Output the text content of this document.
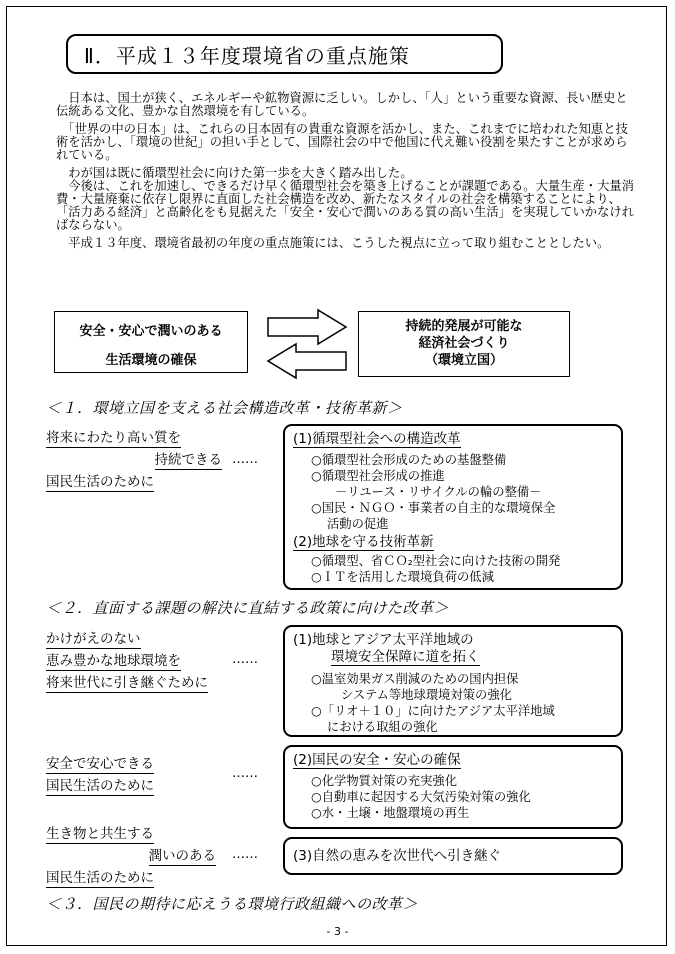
Ⅱ．平成１３年度環境省の重点施策

　日本は、国土が狭く、エネルギーや鉱物資源に乏しい。しかし、「人」という重要な資源、長い歴史と伝統ある文化、豊かな自然環境を有している。

　「世界の中の日本」は、これらの日本固有の貴重な資源を活かし、また、これまでに培われた知恵と技術を活かし、「環境の世紀」の担い手として、国際社会の中で他国に代え難い役割を果たすことが求められている。

　わが国は既に循環型社会に向けた第一歩を大きく踏み出した。

　今後は、これを加速し、できるだけ早く循環型社会を築き上げることが課題である。大量生産・大量消費・大量廃棄に依存し限界に直面した社会構造を改め、新たなスタイルの社会を構築することにより、「活力ある経済」と高齢化をも見据えた「安全・安心で潤いのある質の高い生活」を実現していかなければならない。

　平成１３年度、環境省最初の年度の重点施策には、こうした視点に立って取り組むこととしたい。

安全・安心で潤いのある
生活環境の確保
持続的発展が可能な
経済社会づくり
（環境立国）
＜１．環境立国を支える社会構造改革・技術革新＞
将来にわたり高い質を
持続できる
国民生活のために
……
(1)循環型社会への構造改革
○循環型社会形成のための基盤整備
○循環型社会形成の推進
－リユース・リサイクルの輪の整備－
○国民・ＮＧＯ・事業者の自主的な環境保全
活動の促進
(2)地球を守る技術革新
○循環型、省ＣＯ₂型社会に向けた技術の開発
○ＩＴを活用した環境負荷の低減
＜２．直面する課題の解決に直結する政策に向けた改革＞
かけがえのない
恵み豊かな地球環境を
将来世代に引き継ぐために
……
(1)地球とアジア太平洋地域の
環境安全保障に道を拓く
○温室効果ガス削減のための国内担保
システム等地球環境対策の強化
○「リオ＋１０」に向けたアジア太平洋地域
における取組の強化
安全で安心できる
国民生活のために
……
(2)国民の安全・安心の確保
○化学物質対策の充実強化
○自動車に起因する大気汚染対策の強化
○水・土壌・地盤環境の再生
生き物と共生する
潤いのある
国民生活のために
……	(3)自然の恵みを次世代へ引き継ぐ
＜３．国民の期待に応えうる環境行政組織への改革＞
- 3 -
